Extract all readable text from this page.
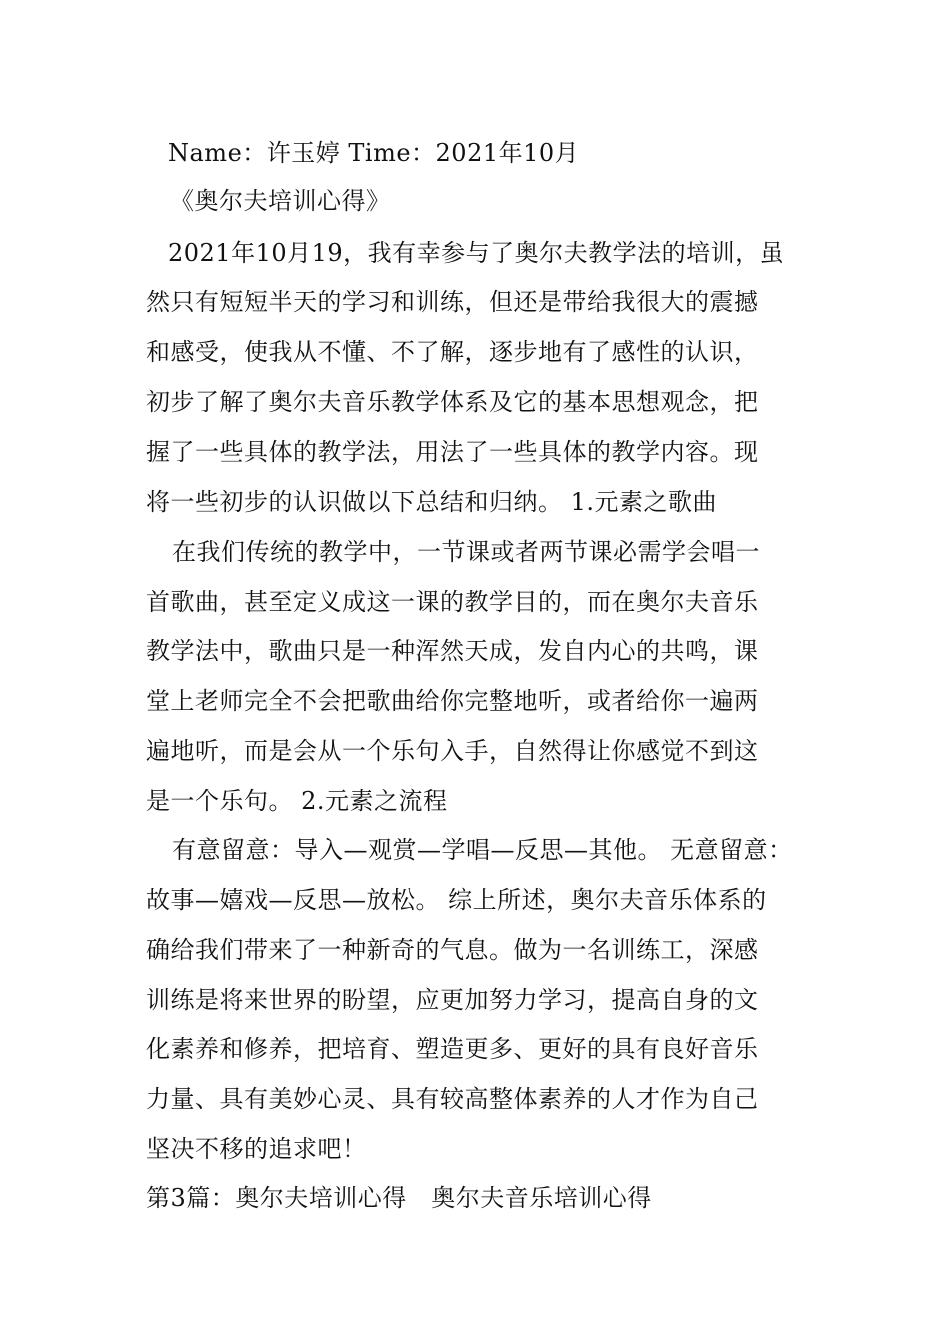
Name：许玉婷 Time：2021年10月
《奥尔夫培训心得》
2021年10月19，我有幸参与了奥尔夫教学法的培训，虽
然只有短短半天的学习和训练，但还是带给我很大的震撼
和感受，使我从不懂、不了解，逐步地有了感性的认识，
初步了解了奥尔夫音乐教学体系及它的基本思想观念，把
握了一些具体的教学法，用法了一些具体的教学内容。现
将一些初步的认识做以下总结和归纳。 1.元素之歌曲
在我们传统的教学中，一节课或者两节课必需学会唱一
首歌曲，甚至定义成这一课的教学目的，而在奥尔夫音乐
教学法中，歌曲只是一种浑然天成，发自内心的共鸣，课
堂上老师完全不会把歌曲给你完整地听，或者给你一遍两
遍地听，而是会从一个乐句入手，自然得让你感觉不到这
是一个乐句。 2.元素之流程
有意留意：导入—观赏—学唱—反思—其他。 无意留意：
故事—嬉戏—反思—放松。 综上所述，奥尔夫音乐体系的
确给我们带来了一种新奇的气息。做为一名训练工，深感
训练是将来世界的盼望，应更加努力学习，提高自身的文
化素养和修养，把培育、塑造更多、更好的具有良好音乐
力量、具有美妙心灵、具有较高整体素养的人才作为自己
坚决不移的追求吧！
第3篇：奥尔夫培训心得　奥尔夫音乐培训心得
